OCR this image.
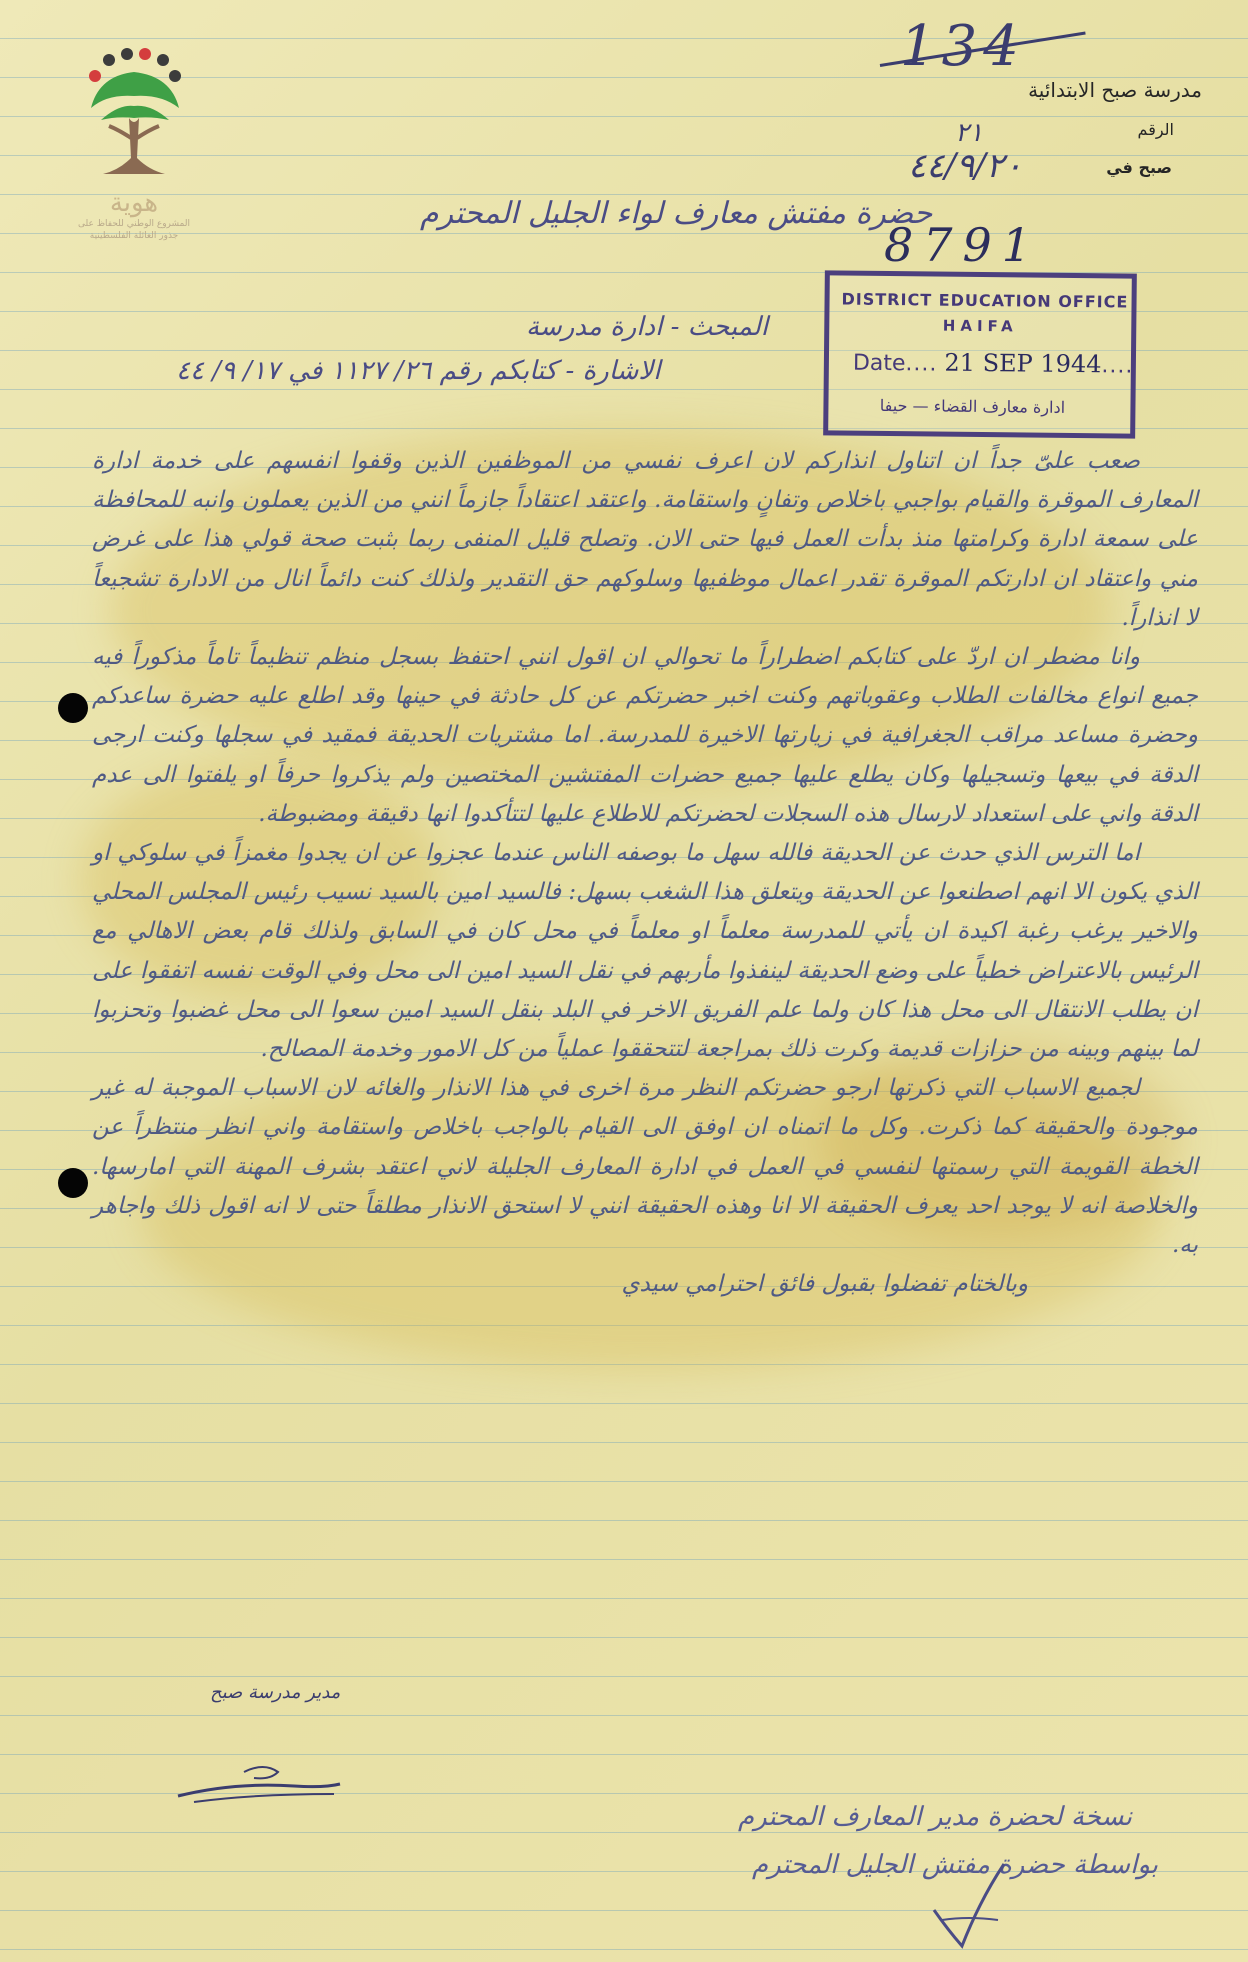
هوية
المشروع الوطني للحفاظ على
جذور العائلة الفلسطينية
134
مدرسة صبح الابتدائية
الرقم
٢١
صبح في
٤٤/٩/٢٠
حضرة مفتش معارف لواء الجليل المحترم
8791
المبحث - ادارة مدرسة
الاشارة - كتابكم رقم ٢٦/ ١١٢٧ في ١٧/ ٩/ ٤٤
DISTRICT EDUCATION OFFICE
HAIFA
Date.... 21 SEP 1944....
ادارة معارف القضاء — حيفا

صعب علىّ جداً ان اتناول انذاركم لان اعرف نفسي من الموظفين الذين وقفوا انفسهم على خدمة ادارة المعارف الموقرة والقيام بواجبي باخلاص وتفانٍ واستقامة. واعتقد اعتقاداً جازماً انني من الذين يعملون وانبه للمحافظة على سمعة ادارة وكرامتها منذ بدأت العمل فيها حتى الان. وتصلح قليل المنفى ربما بثبت صحة قولي هذا على غرض مني واعتقاد ان ادارتكم الموقرة تقدر اعمال موظفيها وسلوكهم حق التقدير ولذلك كنت دائماً انال من الادارة تشجيعاً لا انذاراً.

وانا مضطر ان اردّ على كتابكم اضطراراً ما تحوالي ان اقول انني احتفظ بسجل منظم تنظيماً تاماً مذكوراً فيه جميع انواع مخالفات الطلاب وعقوباتهم وكنت اخبر حضرتكم عن كل حادثة في حينها وقد اطلع عليه حضرة ساعدكم وحضرة مساعد مراقب الجغرافية في زيارتها الاخيرة للمدرسة. اما مشتريات الحديقة فمقيد في سجلها وكنت ارجى الدقة في بيعها وتسجيلها وكان يطلع عليها جميع حضرات المفتشين المختصين ولم يذكروا حرفاً او يلفتوا الى عدم الدقة واني على استعداد لارسال هذه السجلات لحضرتكم للاطلاع عليها لتتأكدوا انها دقيقة ومضبوطة.

اما الترس الذي حدث عن الحديقة فالله سهل ما بوصفه الناس عندما عجزوا عن ان يجدوا مغمزاً في سلوكي او الذي يكون الا انهم اصطنعوا عن الحديقة ويتعلق هذا الشغب بسهل: فالسيد امين بالسيد نسيب رئيس المجلس المحلي والاخير يرغب رغبة اكيدة ان يأتي للمدرسة معلماً او معلماً في محل كان في السابق ولذلك قام بعض الاهالي مع الرئيس بالاعتراض خطياً على وضع الحديقة لينفذوا مأربهم في نقل السيد امين الى محل وفي الوقت نفسه اتفقوا على ان يطلب الانتقال الى محل هذا كان ولما علم الفريق الاخر في البلد بنقل السيد امين سعوا الى محل غضبوا وتحزبوا لما بينهم وبينه من حزازات قديمة وكرت ذلك بمراجعة لتتحققوا عملياً من كل الامور وخدمة المصالح.

لجميع الاسباب التي ذكرتها ارجو حضرتكم النظر مرة اخرى في هذا الانذار والغائه لان الاسباب الموجبة له غير موجودة والحقيقة كما ذكرت. وكل ما اتمناه ان اوفق الى القيام بالواجب باخلاص واستقامة واني انظر منتظراً عن الخطة القويمة التي رسمتها لنفسي في العمل في ادارة المعارف الجليلة لاني اعتقد بشرف المهنة التي امارسها. والخلاصة انه لا يوجد احد يعرف الحقيقة الا انا وهذه الحقيقة انني لا استحق الانذار مطلقاً حتى لا انه اقول ذلك واجاهر به.

وبالختام تفضلوا بقبول فائق احترامي سيدي

مدير مدرسة صبح
نسخة لحضرة مدير المعارف المحترم
بواسطة حضرة مفتش الجليل المحترم
